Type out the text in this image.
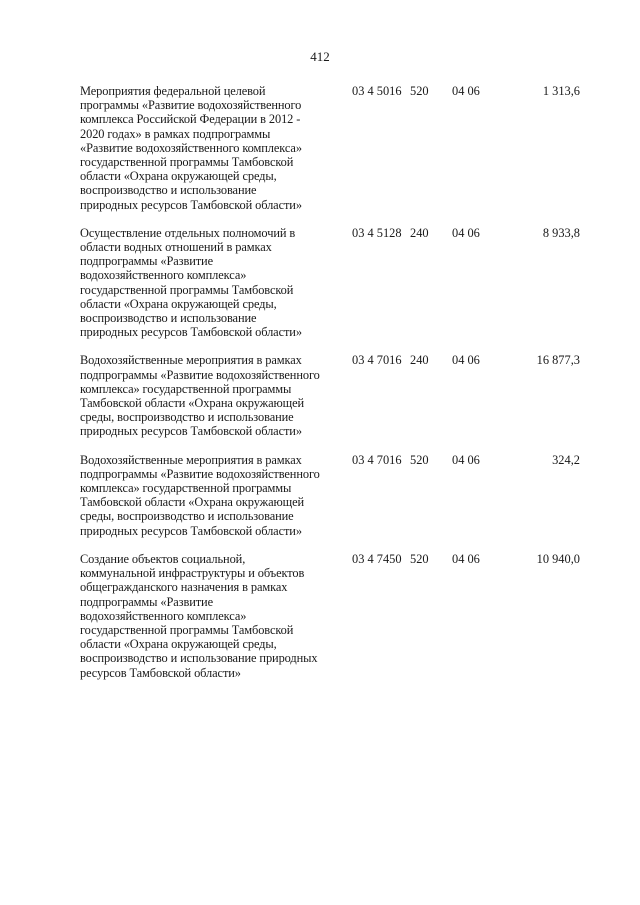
412
Мероприятия федеральной целевой
программы «Развитие водохозяйственного
комплекса Российской Федерации в 2012 -
2020 годах» в рамках подпрограммы
«Развитие водохозяйственного комплекса»
государственной программы Тамбовской
области «Охрана окружающей среды,
воспроизводство и использование
природных ресурсов Тамбовской области»
03 4 5016 520 04 06	1 313,6
Осуществление отдельных полномочий в
области водных отношений в рамках
подпрограммы «Развитие
водохозяйственного комплекса»
государственной программы Тамбовской
области «Охрана окружающей среды,
воспроизводство и использование
природных ресурсов Тамбовской области»
03 4 5128 240 04 06	8 933,8
Водохозяйственные мероприятия в рамках
подпрограммы «Развитие водохозяйственного
комплекса» государственной программы
Тамбовской области «Охрана окружающей
среды, воспроизводство и использование
природных ресурсов Тамбовской области»
03 4 7016 240 04 06	16 877,3
Водохозяйственные мероприятия в рамках
подпрограммы «Развитие водохозяйственного
комплекса» государственной программы
Тамбовской области «Охрана окружающей
среды, воспроизводство и использование
природных ресурсов Тамбовской области»
03 4 7016 520 04 06	324,2
Создание объектов социальной,
коммунальной инфраструктуры и объектов
общегражданского назначения в рамках
подпрограммы «Развитие
водохозяйственного комплекса»
государственной программы Тамбовской
области «Охрана окружающей среды,
воспроизводство и использование природных
ресурсов Тамбовской области»
03 4 7450 520 04 06	10 940,0
